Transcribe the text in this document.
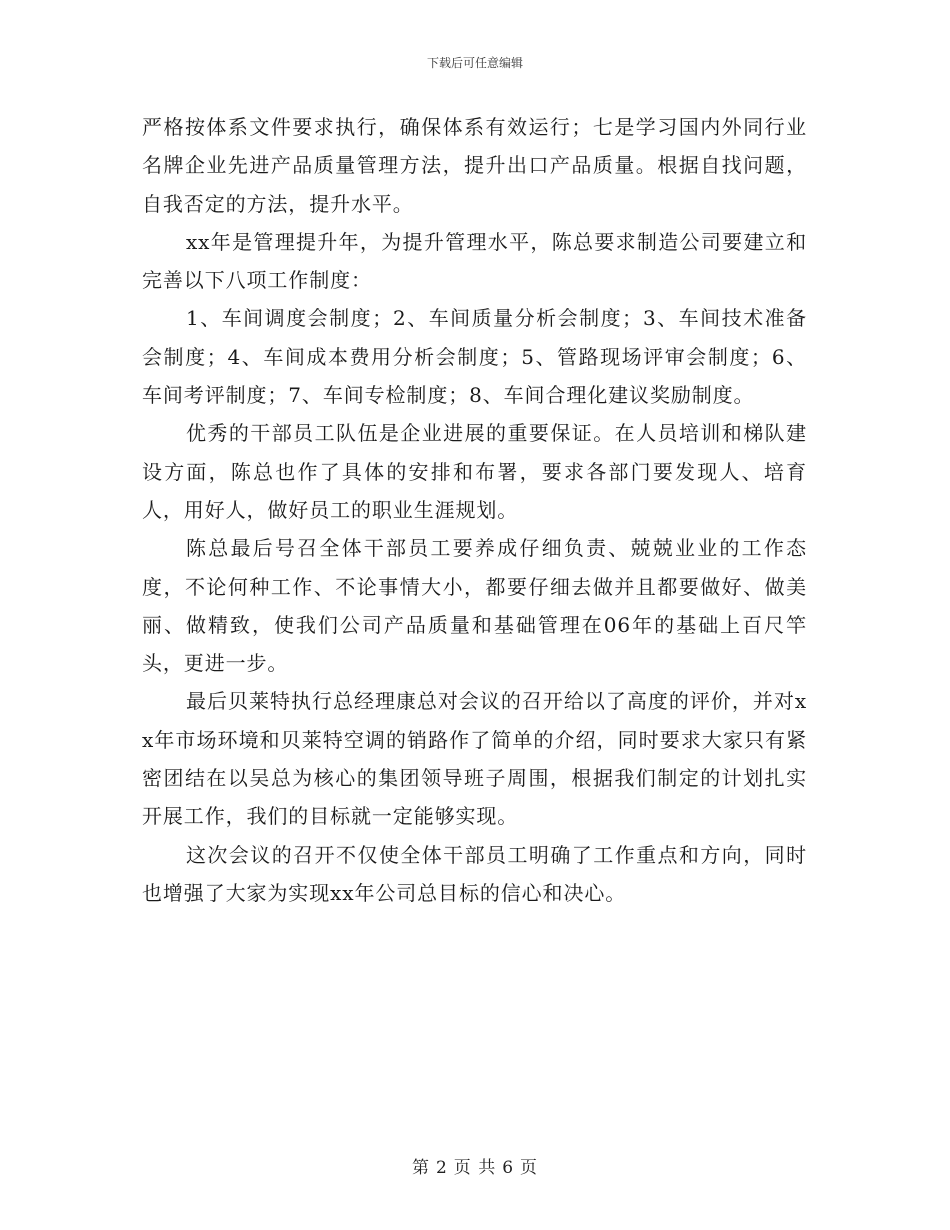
下载后可任意编辑

严格按体系文件要求执行，确保体系有效运行；七是学习国内外同行业名牌企业先进产品质量管理方法，提升出口产品质量。根据自找问题，自我否定的方法，提升水平。

xx年是管理提升年，为提升管理水平，陈总要求制造公司要建立和完善以下八项工作制度：

1、车间调度会制度；2、车间质量分析会制度；3、车间技术准备会制度；4、车间成本费用分析会制度；5、管路现场评审会制度；6、车间考评制度；7、车间专检制度；8、车间合理化建议奖励制度。

优秀的干部员工队伍是企业进展的重要保证。在人员培训和梯队建设方面，陈总也作了具体的安排和布署，要求各部门要发现人、培育人，用好人，做好员工的职业生涯规划。

陈总最后号召全体干部员工要养成仔细负责、兢兢业业的工作态度，不论何种工作、不论事情大小，都要仔细去做并且都要做好、做美丽、做精致，使我们公司产品质量和基础管理在06年的基础上百尺竿头，更进一步。

最后贝莱特执行总经理康总对会议的召开给以了高度的评价，并对xx年市场环境和贝莱特空调的销路作了简单的介绍，同时要求大家只有紧密团结在以吴总为核心的集团领导班子周围，根据我们制定的计划扎实开展工作，我们的目标就一定能够实现。

这次会议的召开不仅使全体干部员工明确了工作重点和方向，同时也增强了大家为实现xx年公司总目标的信心和决心。

第 2 页 共 6 页
